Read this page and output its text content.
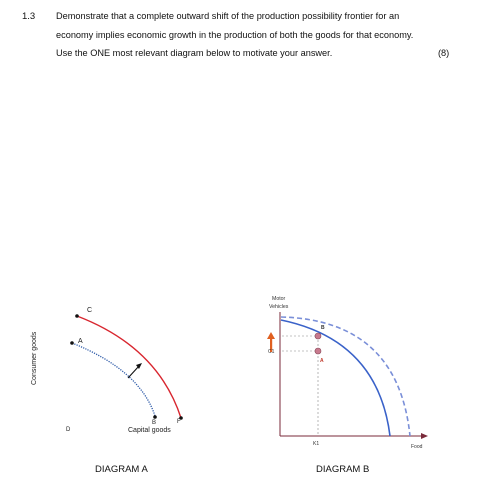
1.3 Demonstrate that a complete outward shift of the production possibility frontier for an
economy implies economic growth in the production of both the goods for that economy.
Use the ONE most relevant diagram below to motivate your answer.	(8)
Consumer goods
C
A
B	F
D	Capital goods
DIAGRAM A
Motor
Vehicles
B
A
C1
K1	Food
DIAGRAM B
